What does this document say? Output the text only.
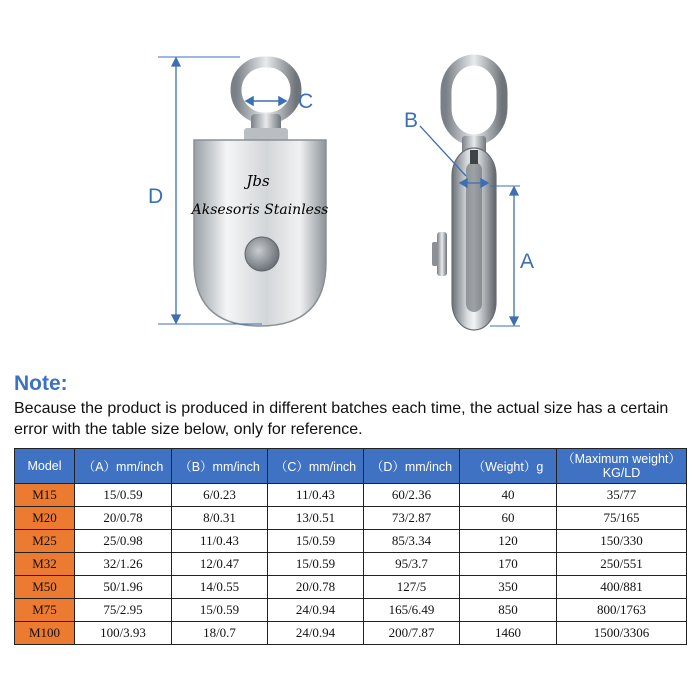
Jbs
Aksesoris Stainless
C
D
B
A
Note:

Because the product is produced in different batches each time, the actual size has a certain error with the table size below, only for reference.

Model	（A）mm/inch	（B）mm/inch	（C）mm/inch	（D）mm/inch	（Weight）g	（Maximum weight）
KG/LD

M15	15/0.59	6/0.23	11/0.43	60/2.36	40	35/77
M20	20/0.78	8/0.31	13/0.51	73/2.87	60	75/165
M25	25/0.98	11/0.43	15/0.59	85/3.34	120	150/330
M32	32/1.26	12/0.47	15/0.59	95/3.7	170	250/551
M50	50/1.96	14/0.55	20/0.78	127/5	350	400/881
M75	75/2.95	15/0.59	24/0.94	165/6.49	850	800/1763
M100	100/3.93	18/0.7	24/0.94	200/7.87	1460	1500/3306
